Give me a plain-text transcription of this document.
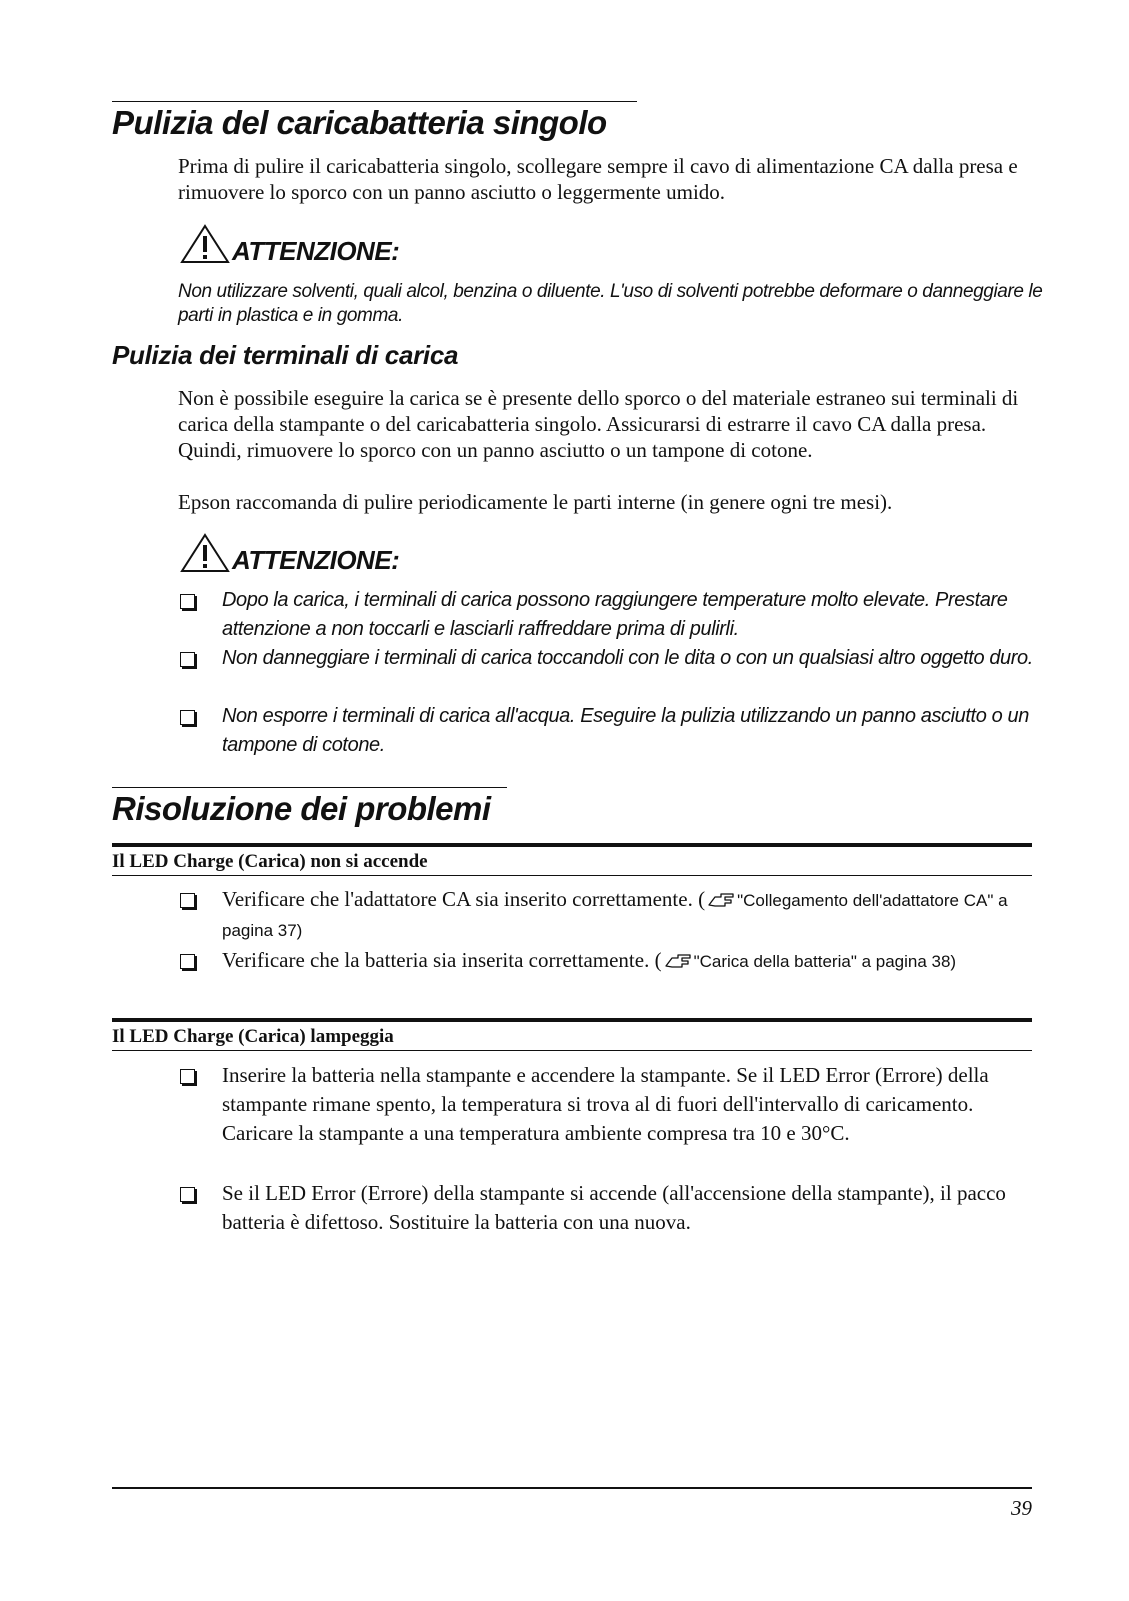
Pulizia del caricabatteria singolo

Prima di pulire il caricabatteria singolo, scollegare sempre il cavo di alimentazione CA dalla presa e rimuovere lo sporco con un panno asciutto o leggermente umido.

ATTENZIONE:

Non utilizzare solventi, quali alcol, benzina o diluente. L'uso di solventi potrebbe deformare o danneggiare le parti in plastica e in gomma.

Pulizia dei terminali di carica

Non è possibile eseguire la carica se è presente dello sporco o del materiale estraneo sui terminali di carica della stampante o del caricabatteria singolo. Assicurarsi di estrarre il cavo CA dalla presa. Quindi, rimuovere lo sporco con un panno asciutto o un tampone di cotone.

Epson raccomanda di pulire periodicamente le parti interne (in genere ogni tre mesi).

ATTENZIONE:

Dopo la carica, i terminali di carica possono raggiungere temperature molto elevate. Prestare attenzione a non toccarli e lasciarli raffreddare prima di pulirli.

Non danneggiare i terminali di carica toccandoli con le dita o con un qualsiasi altro oggetto duro.

Non esporre i terminali di carica all'acqua. Eseguire la pulizia utilizzando un panno asciutto o un tampone di cotone.

Risoluzione dei problemi
Il LED Charge (Carica) non si accende

Verificare che l'adattatore CA sia inserito correttamente. ( "Collegamento dell'adattatore CA" a pagina 37)

Verificare che la batteria sia inserita correttamente. ( "Carica della batteria" a pagina 38)

Il LED Charge (Carica) lampeggia

Inserire la batteria nella stampante e accendere la stampante. Se il LED Error (Errore) della stampante rimane spento, la temperatura si trova al di fuori dell'intervallo di caricamento. Caricare la stampante a una temperatura ambiente compresa tra 10 e 30°C.

Se il LED Error (Errore) della stampante si accende (all'accensione della stampante), il pacco batteria è difettoso. Sostituire la batteria con una nuova.

39
